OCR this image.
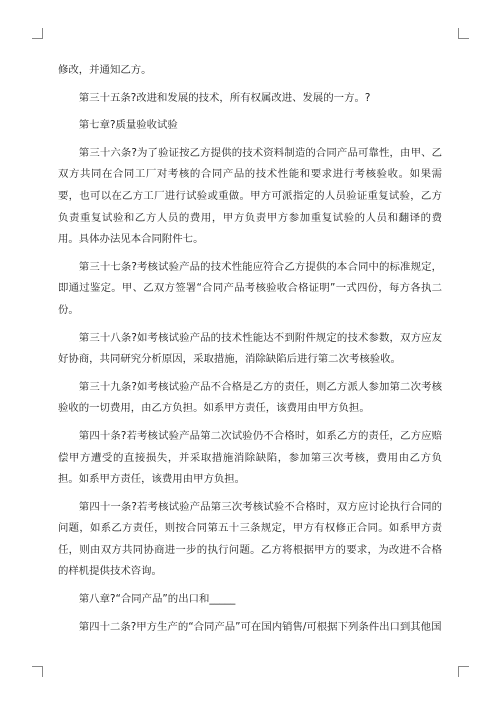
修改，并通知乙方。

第三十五条?改进和发展的技术，所有权属改进、发展的一方。?

第七章?质量验收试验

第三十六条?为了验证按乙方提供的技术资料制造的合同产品可靠性，由甲、乙双方共同在合同工厂对考核的合同产品的技术性能和要求进行考核验收。如果需要，也可以在乙方工厂进行试验或重做。甲方可派指定的人员验证重复试验，乙方负责重复试验和乙方人员的费用，甲方负责甲方参加重复试验的人员和翻译的费用。具体办法见本合同附件七。

第三十七条?考核试验产品的技术性能应符合乙方提供的本合同中的标准规定，即通过鉴定。甲、乙双方签署“合同产品考核验收合格证明”一式四份，每方各执二份。

第三十八条?如考核试验产品的技术性能达不到附件规定的技术参数，双方应友好协商，共同研究分析原因，采取措施，消除缺陷后进行第二次考核验收。

第三十九条?如考核试验产品不合格是乙方的责任，则乙方派人参加第二次考核验收的一切费用，由乙方负担。如系甲方责任，该费用由甲方负担。

第四十条?若考核试验产品第二次试验仍不合格时，如系乙方的责任，乙方应赔偿甲方遭受的直接损失，并采取措施消除缺陷，参加第三次考核，费用由乙方负担。如系甲方责任，该费用由甲方负担。

第四十一条?若考核试验产品第三次考核试验不合格时，双方应讨论执行合同的问题，如系乙方责任，则按合同第五十三条规定，甲方有权修正合同。如系甲方责任，则由双方共同协商进一步的执行问题。乙方将根据甲方的要求，为改进不合格的样机提供技术咨询。

第八章?“合同产品”的出口和_____

第四十二条?甲方生产的“合同产品”可在国内销售/可根据下列条件出口到其他国
